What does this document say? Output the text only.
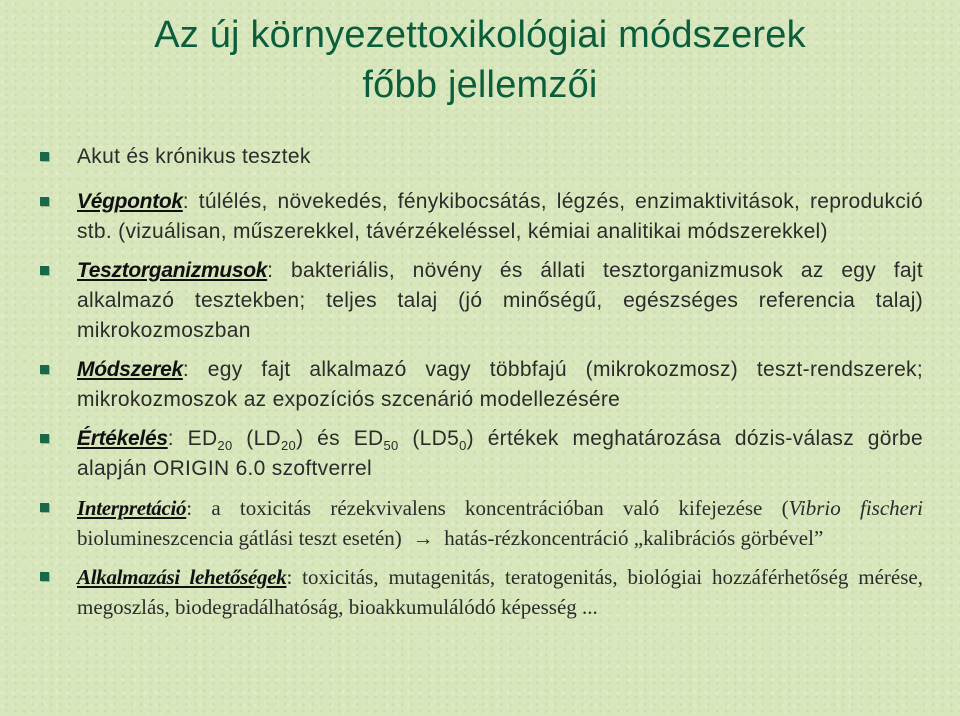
Az új környezettoxikológiai módszerek
főbb jellemzői
Akut és krónikus tesztek
Végpontok: túlélés, növekedés, fénykibocsátás, légzés, enzimaktivitások, reprodukció stb. (vizuálisan, műszerekkel, távérzékeléssel, kémiai analitikai módszerekkel)
Tesztorganizmusok: bakteriális, növény és állati tesztorganizmusok az egy fajt alkalmazó tesztekben; teljes talaj (jó minőségű, egészséges referencia talaj) mikrokozmoszban
Módszerek: egy fajt alkalmazó vagy többfajú (mikrokozmosz) teszt-rendszerek; mikrokozmoszok az expozíciós szcenárió modellezésére
Értékelés: $ED_{20}$ $(LD_{20})$ és $ED_{50}$ $(LD5_0)$ értékek meghatározása dózis-válasz görbe alapján ORIGIN 6.0 szoftverrel
Interpretáció: a toxicitás rézekvivalens koncentrációban való kifejezése (Vibrio fischeri biolumineszcencia gátlási teszt esetén) → hatás-rézkoncentráció „kalibrációs görbével”
Alkalmazási lehetőségek: toxicitás, mutagenitás, teratogenitás, biológiai hozzáférhetőség mérése, megoszlás, biodegradálhatóság, bioakkumulálódó képesség ...
